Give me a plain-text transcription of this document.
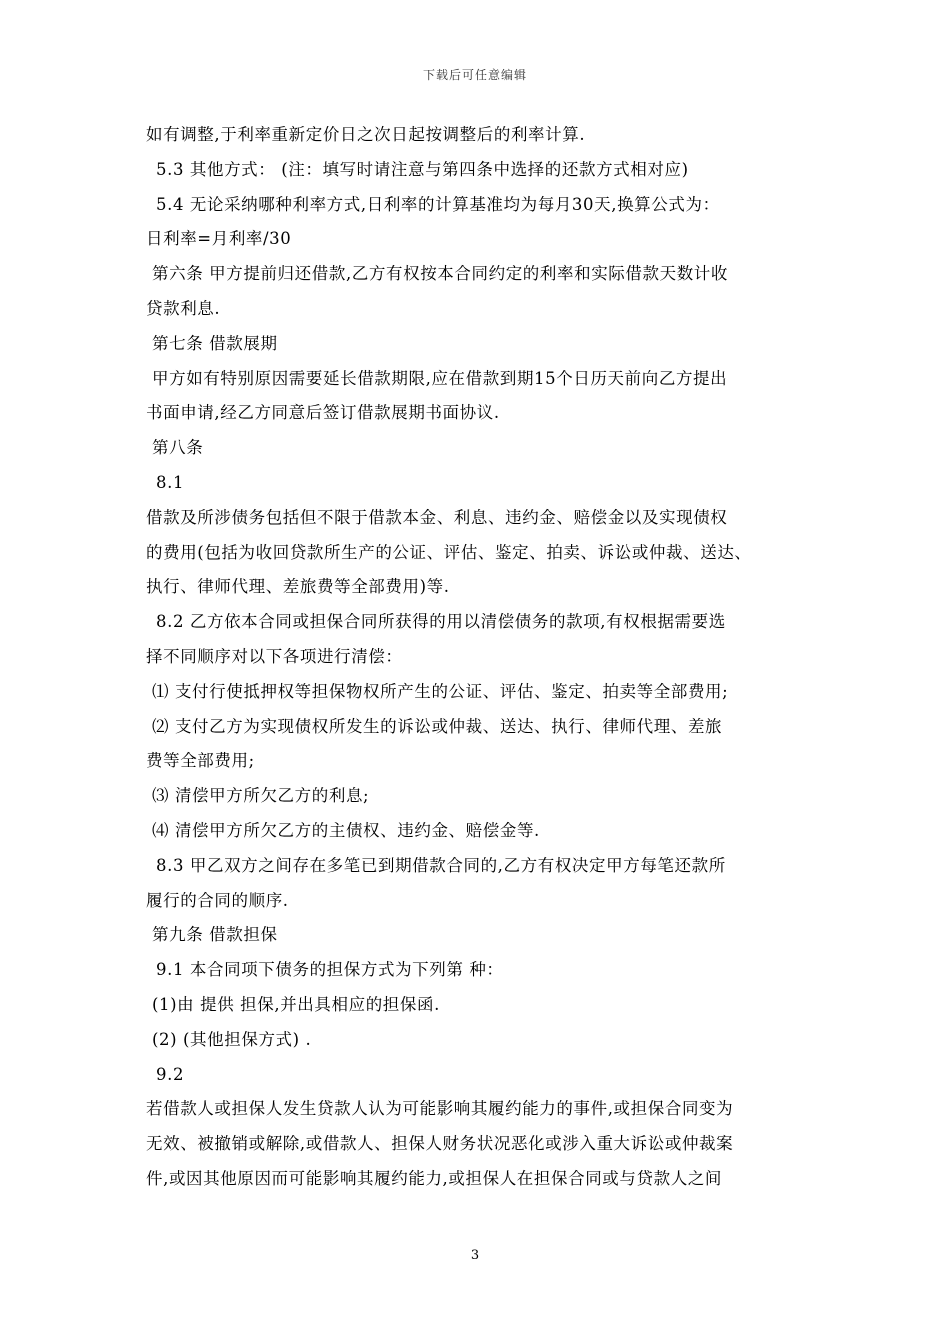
下载后可任意编辑
如有调整,于利率重新定价日之次日起按调整后的利率计算.
5.3 其他方式： (注：填写时请注意与第四条中选择的还款方式相对应)
5.4 无论采纳哪种利率方式,日利率的计算基准均为每月30天,换算公式为：
日利率=月利率/30
第六条 甲方提前归还借款,乙方有权按本合同约定的利率和实际借款天数计收
贷款利息.
第七条 借款展期
甲方如有特别原因需要延长借款期限,应在借款到期15个日历天前向乙方提出
书面申请,经乙方同意后签订借款展期书面协议.
第八条
8.1
借款及所涉债务包括但不限于借款本金、利息、违约金、赔偿金以及实现债权
的费用(包括为收回贷款所生产的公证、评估、鉴定、拍卖、诉讼或仲裁、送达、
执行、律师代理、差旅费等全部费用)等.
8.2 乙方依本合同或担保合同所获得的用以清偿债务的款项,有权根据需要选
择不同顺序对以下各项进行清偿：
⑴ 支付行使抵押权等担保物权所产生的公证、评估、鉴定、拍卖等全部费用;
⑵ 支付乙方为实现债权所发生的诉讼或仲裁、送达、执行、律师代理、差旅
费等全部费用;
⑶ 清偿甲方所欠乙方的利息;
⑷ 清偿甲方所欠乙方的主债权、违约金、赔偿金等.
8.3 甲乙双方之间存在多笔已到期借款合同的,乙方有权决定甲方每笔还款所
履行的合同的顺序.
第九条 借款担保
9.1 本合同项下债务的担保方式为下列第 种：
(1)由 提供 担保,并出具相应的担保函.
(2) (其他担保方式) .
9.2
若借款人或担保人发生贷款人认为可能影响其履约能力的事件,或担保合同变为
无效、被撤销或解除,或借款人、担保人财务状况恶化或涉入重大诉讼或仲裁案
件,或因其他原因而可能影响其履约能力,或担保人在担保合同或与贷款人之间
3
